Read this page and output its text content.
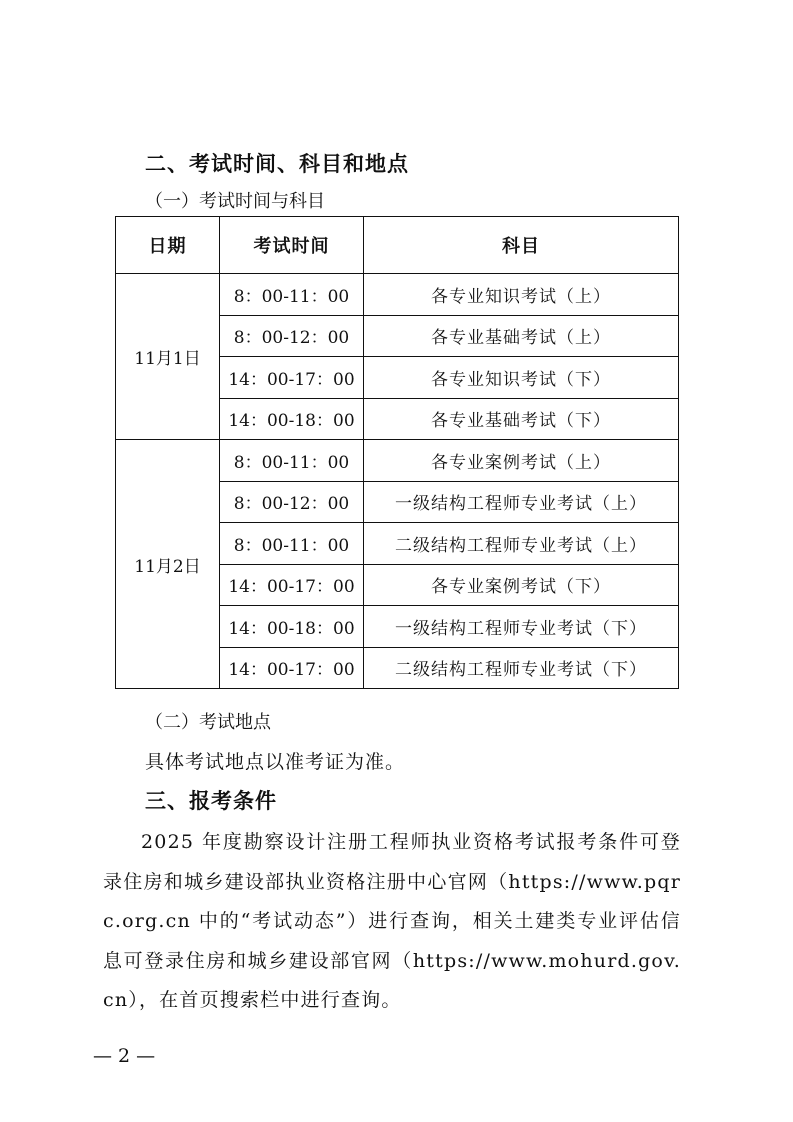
二、考试时间、科目和地点
（一）考试时间与科目
日期	考试时间	科目
11月1日	8：00-11：00	各专业知识考试（上）
	8：00-12：00	各专业基础考试（上）
	14：00-17：00	各专业知识考试（下）
	14：00-18：00	各专业基础考试（下）
11月2日	8：00-11：00	各专业案例考试（上）
	8：00-12：00	一级结构工程师专业考试（上）
	8：00-11：00	二级结构工程师专业考试（上）
	14：00-17：00	各专业案例考试（下）
	14：00-18：00	一级结构工程师专业考试（下）
	14：00-17：00	二级结构工程师专业考试（下）
（二）考试地点
具体考试地点以准考证为准。
三、报考条件
2025 年度勘察设计注册工程师执业资格考试报考条件可登录住房和城乡建设部执业资格注册中心官网（https://www.pqrc.org.cn 中的“考试动态”）进行查询，相关土建类专业评估信息可登录住房和城乡建设部官网（https://www.mohurd.gov.cn），在首页搜索栏中进行查询。
— 2 —
